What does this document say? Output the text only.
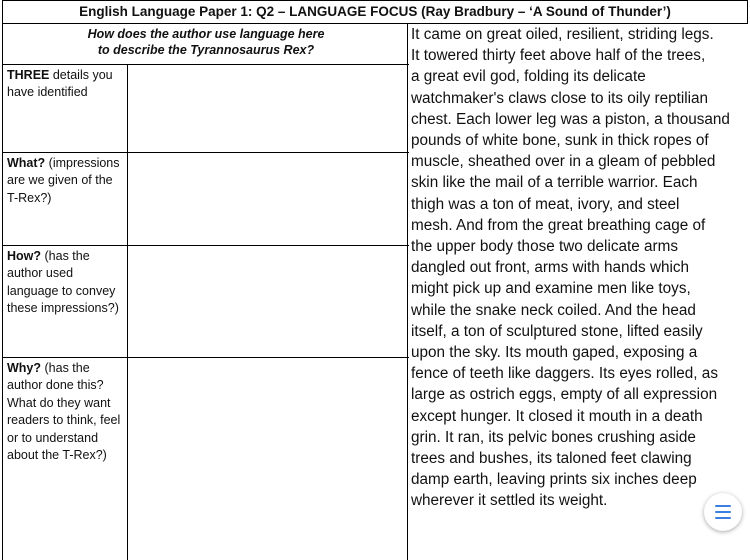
English Language Paper 1: Q2 – LANGUAGE FOCUS (Ray Bradbury – ‘A Sound of Thunder’)
How does the author use language here
to describe the Tyrannosaurus Rex?
THREE details you have identified
What? (impressions are we given of the T-Rex?)
How? (has the author used language to convey these impressions?)
Why? (has the author done this? What do they want readers to think, feel or to understand about the T-Rex?)
It came on great oiled, resilient, striding legs.
It towered thirty feet above half of the trees,
a great evil god, folding its delicate
watchmaker's claws close to its oily reptilian
chest. Each lower leg was a piston, a thousand
pounds of white bone, sunk in thick ropes of
muscle, sheathed over in a gleam of pebbled
skin like the mail of a terrible warrior. Each
thigh was a ton of meat, ivory, and steel
mesh. And from the great breathing cage of
the upper body those two delicate arms
dangled out front, arms with hands which
might pick up and examine men like toys,
while the snake neck coiled. And the head
itself, a ton of sculptured stone, lifted easily
upon the sky. Its mouth gaped, exposing a
fence of teeth like daggers. Its eyes rolled, as
large as ostrich eggs, empty of all expression
except hunger. It closed it mouth in a death
grin. It ran, its pelvic bones crushing aside
trees and bushes, its taloned feet clawing
damp earth, leaving prints six inches deep
wherever it settled its weight.
